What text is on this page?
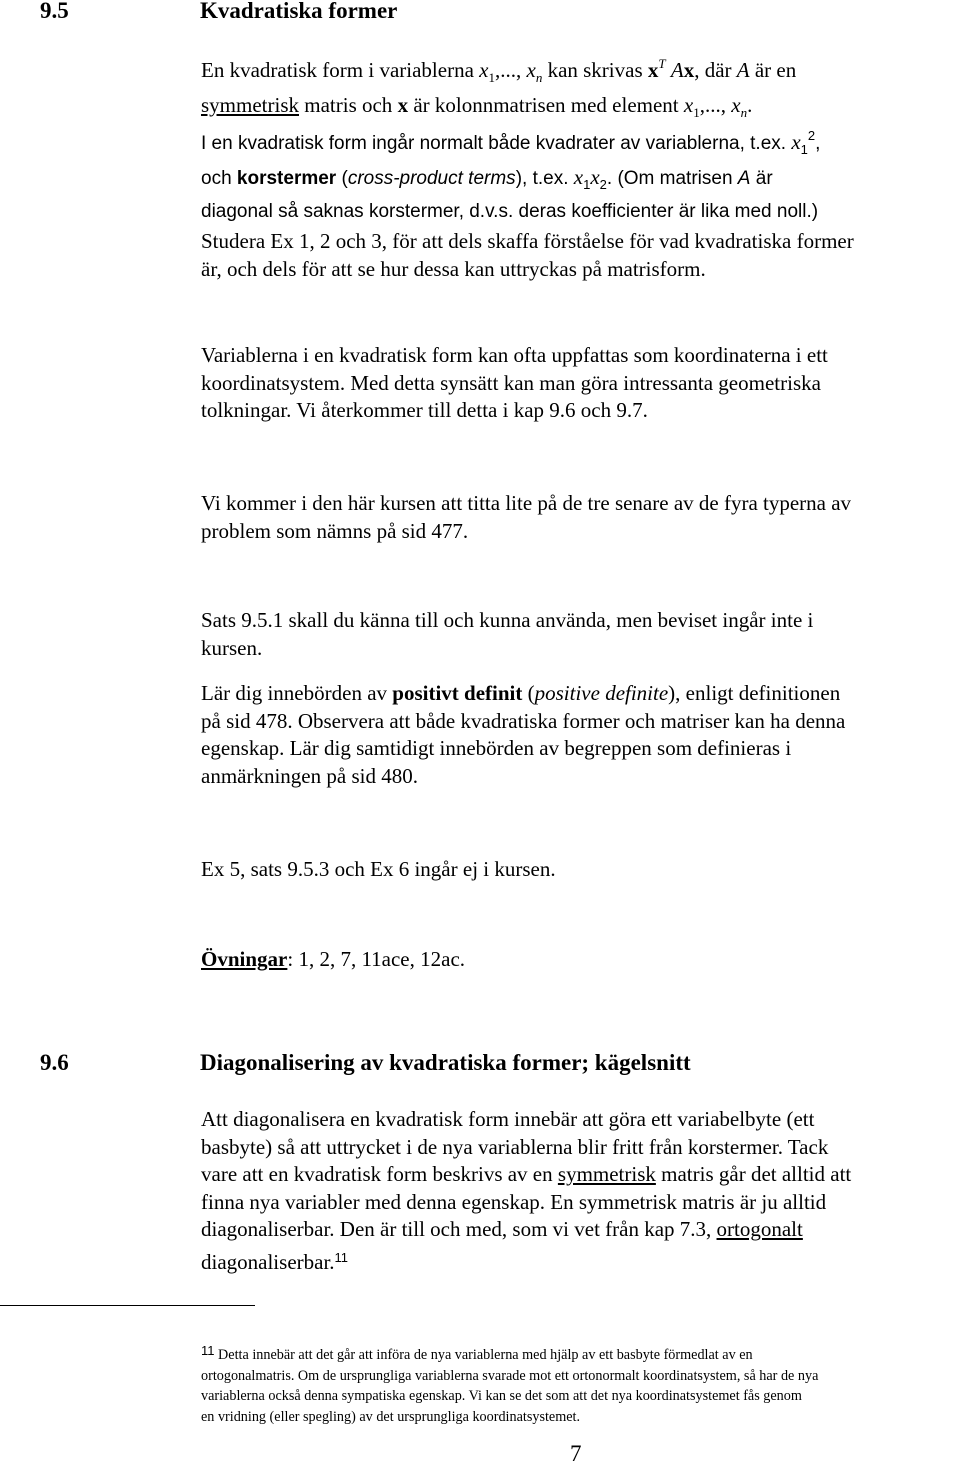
9.5	Kvadratiska former
En kvadratisk form i variablerna $x_1$,..., $x_n$ kan skrivas $x^T$ Ax, där A är en
symmetrisk matris och x är kolonnmatrisen med element $x_1$,..., $x_n$.
I en kvadratisk form ingår normalt både kvadrater av variablerna, t.ex. $x_1^2$,
och korstermer (cross-product terms), t.ex. $x_1x_2$. (Om matrisen A är
diagonal så saknas korstermer, d.v.s. deras koefficienter är lika med noll.)
Studera Ex 1, 2 och 3, för att dels skaffa förståelse för vad kvadratiska former
är, och dels för att se hur dessa kan uttryckas på matrisform.
Variablerna i en kvadratisk form kan ofta uppfattas som koordinaterna i ett
koordinatsystem. Med detta synsätt kan man göra intressanta geometriska
tolkningar. Vi återkommer till detta i kap 9.6 och 9.7.
Vi kommer i den här kursen att titta lite på de tre senare av de fyra typerna av
problem som nämns på sid 477.
Sats 9.5.1 skall du känna till och kunna använda, men beviset ingår inte i
kursen.
Lär dig innebörden av positivt definit (positive definite), enligt definitionen
på sid 478. Observera att både kvadratiska former och matriser kan ha denna
egenskap. Lär dig samtidigt innebörden av begreppen som definieras i
anmärkningen på sid 480.
Ex 5, sats 9.5.3 och Ex 6 ingår ej i kursen.
Övningar: 1, 2, 7, 11ace, 12ac.
9.6	Diagonalisering av kvadratiska former; kägelsnitt
Att diagonalisera en kvadratisk form innebär att göra ett variabelbyte (ett
basbyte) så att uttrycket i de nya variablerna blir fritt från korstermer. Tack
vare att en kvadratisk form beskrivs av en symmetrisk matris går det alltid att
finna nya variabler med denna egenskap. En symmetrisk matris är ju alltid
diagonaliserbar. Den är till och med, som vi vet från kap 7.3, ortogonalt
diagonaliserbar.$^{11}$
11 Detta innebär att det går att införa de nya variablerna med hjälp av ett basbyte förmedlat av en
ortogonalmatris. Om de ursprungliga variablerna svarade mot ett ortonormalt koordinatsystem, så har de nya
variablerna också denna sympatiska egenskap. Vi kan se det som att det nya koordinatsystemet fås genom
en vridning (eller spegling) av det ursprungliga koordinatsystemet.
7
